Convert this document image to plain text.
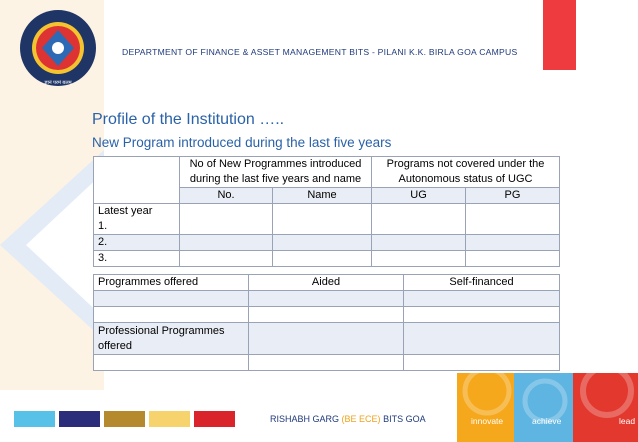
ज्ञानं परमं बलम्
DEPARTMENT OF FINANCE & ASSET MANAGEMENT BITS - PILANI K.K. BIRLA GOA CAMPUS
Profile of the Institution …..
New Program introduced during the last five years
	No of New Programmes introduced during the last five years and name		Programs not covered under the Autonomous status of UGC	
	No.	Name	UG	PG
Latest year
1.				
2.				
3.				
Programmes offered	Aided	Self-financed

Professional Programmes offered		

RISHABH GARG (BE ECE) BITS GOA	innovate	achieve	lead
